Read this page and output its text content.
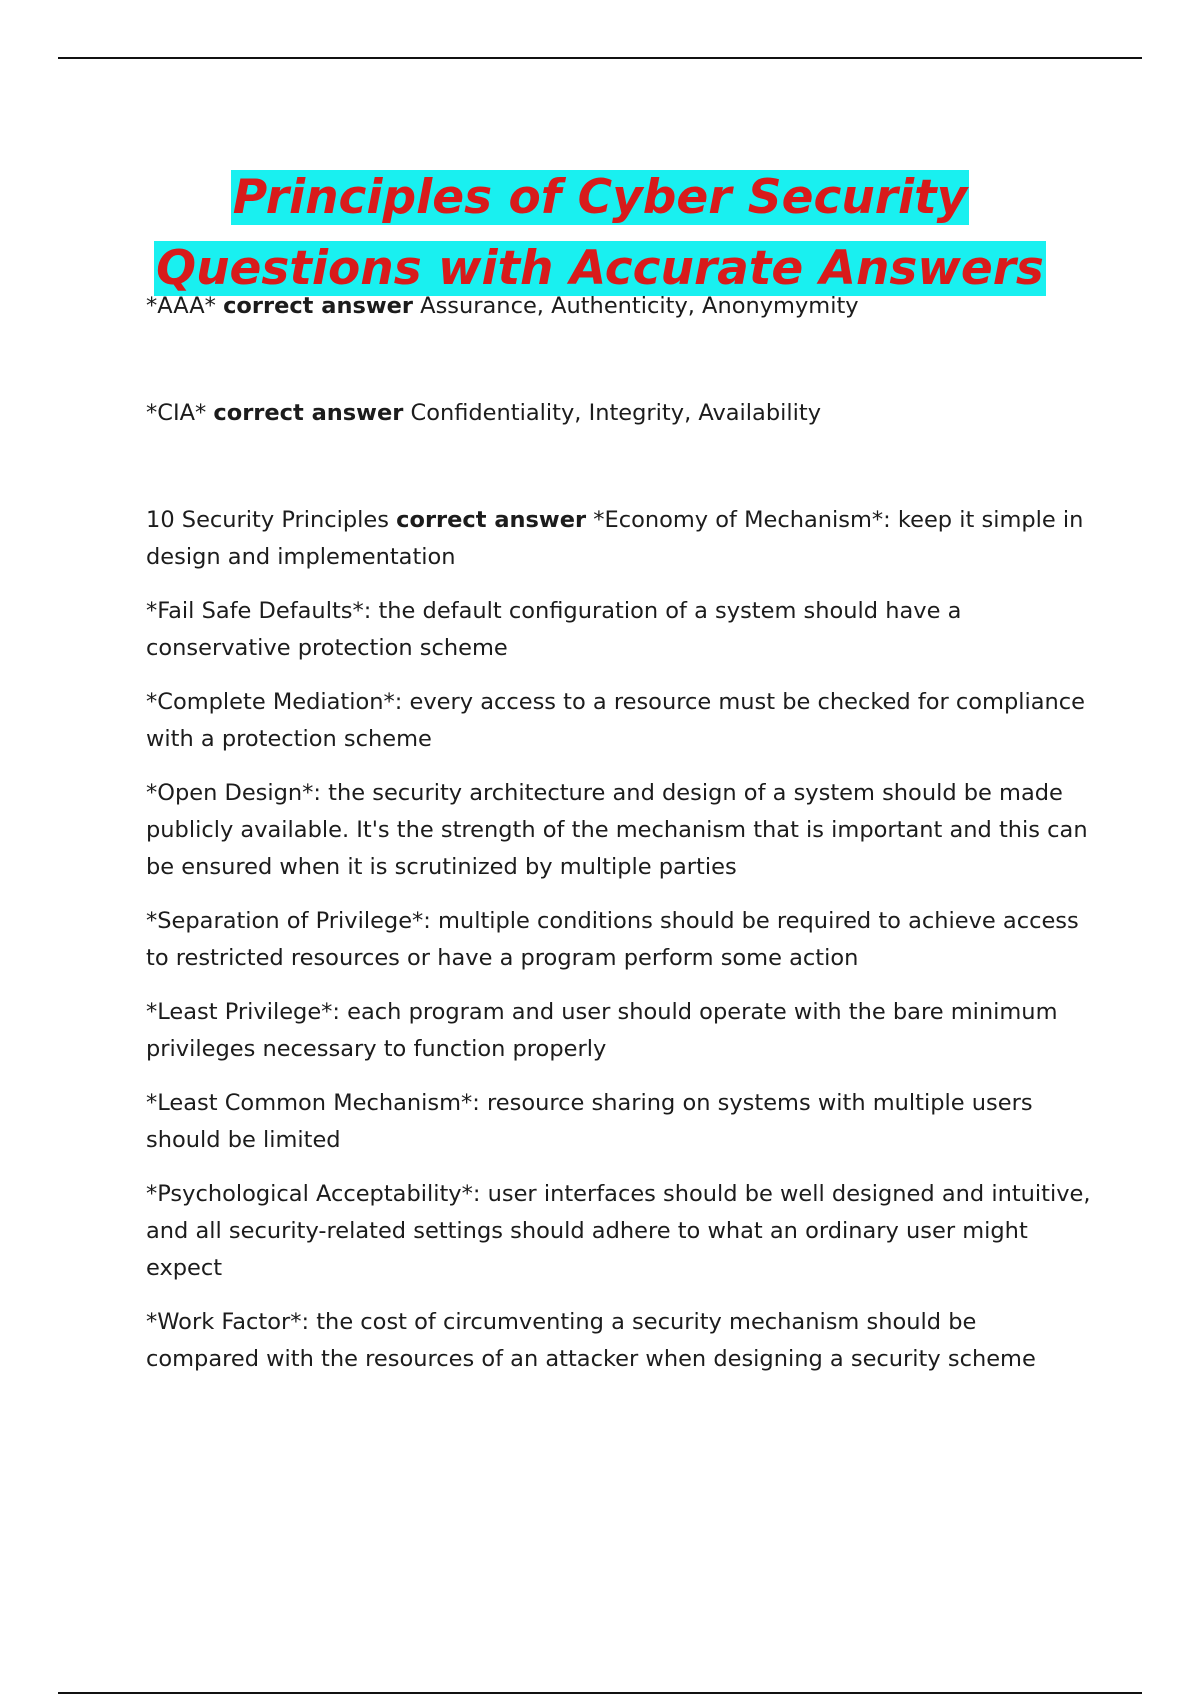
Principles of Cyber Security
Questions with Accurate Answers

*AAA* correct answer Assurance, Authenticity, Anonymymity

*CIA* correct answer Confidentiality, Integrity, Availability

10 Security Principles correct answer *Economy of Mechanism*: keep it simple in design and implementation

*Fail Safe Defaults*: the default configuration of a system should have a conservative protection scheme

*Complete Mediation*: every access to a resource must be checked for compliance with a protection scheme

*Open Design*: the security architecture and design of a system should be made publicly available. It's the strength of the mechanism that is important and this can be ensured when it is scrutinized by multiple parties

*Separation of Privilege*: multiple conditions should be required to achieve access to restricted resources or have a program perform some action

*Least Privilege*: each program and user should operate with the bare minimum privileges necessary to function properly

*Least Common Mechanism*: resource sharing on systems with multiple users should be limited

*Psychological Acceptability*: user interfaces should be well designed and intuitive, and all security-related settings should adhere to what an ordinary user might expect

*Work Factor*: the cost of circumventing a security mechanism should be compared with the resources of an attacker when designing a security scheme
